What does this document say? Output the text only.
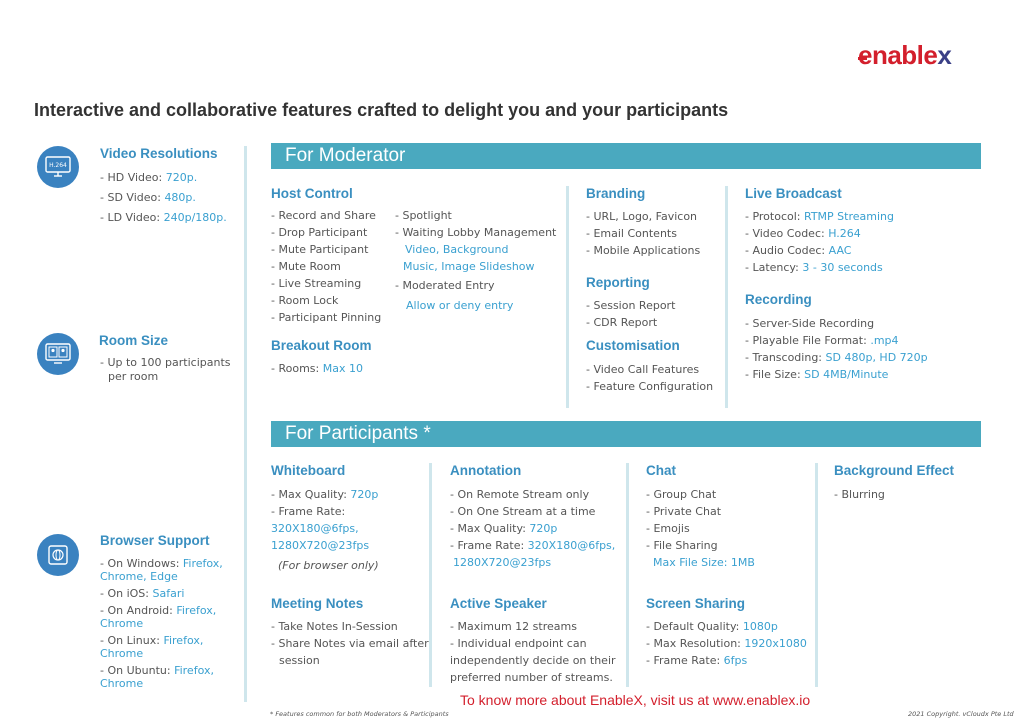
enablex
Interactive and collaborative features crafted to delight you and your participants
H.264
Video Resolutions
- HD Video: 720p.
- SD Video: 480p.
- LD Video: 240p/180p.
Room Size
- Up to 100 participants
per room
Browser Support
- On Windows: Firefox,
Chrome, Edge
- On iOS: Safari
- On Android: Firefox,
Chrome
- On Linux: Firefox,
Chrome
- On Ubuntu: Firefox,
Chrome
For Moderator
Host Control
- Record and Share
- Drop Participant
- Mute Participant
- Mute Room
- Live Streaming
- Room Lock
- Participant Pinning
- Spotlight
- Waiting Lobby Management
Video, Background
Music, Image Slideshow
- Moderated Entry
Allow or deny entry
Breakout Room
- Rooms: Max 10
Branding
- URL, Logo, Favicon
- Email Contents
- Mobile Applications
Reporting
- Session Report
- CDR Report
Customisation
- Video Call Features
- Feature Configuration
Live Broadcast
- Protocol: RTMP Streaming
- Video Codec: H.264
- Audio Codec: AAC
- Latency: 3 - 30 seconds
Recording
- Server-Side Recording
- Playable File Format: .mp4
- Transcoding: SD 480p, HD 720p
- File Size: SD 4MB/Minute
For Participants *
Whiteboard
- Max Quality: 720p
- Frame Rate:
320X180@6fps,
1280X720@23fps
(For browser only)
Meeting Notes
- Take Notes In-Session
- Share Notes via email after
session
Annotation
- On Remote Stream only
- On One Stream at a time
- Max Quality: 720p
- Frame Rate: 320X180@6fps,
1280X720@23fps
Active Speaker
- Maximum 12 streams
- Individual endpoint can
independently decide on their
preferred number of streams.
Chat
- Group Chat
- Private Chat
- Emojis
- File Sharing
Max File Size: 1MB
Screen Sharing
- Default Quality: 1080p
- Max Resolution: 1920x1080
- Frame Rate: 6fps
Background Effect
- Blurring
To know more about EnableX, visit us at www.enablex.io
* Features common for both Moderators & Participants	2021 Copyright. vCloudx Pte Ltd
